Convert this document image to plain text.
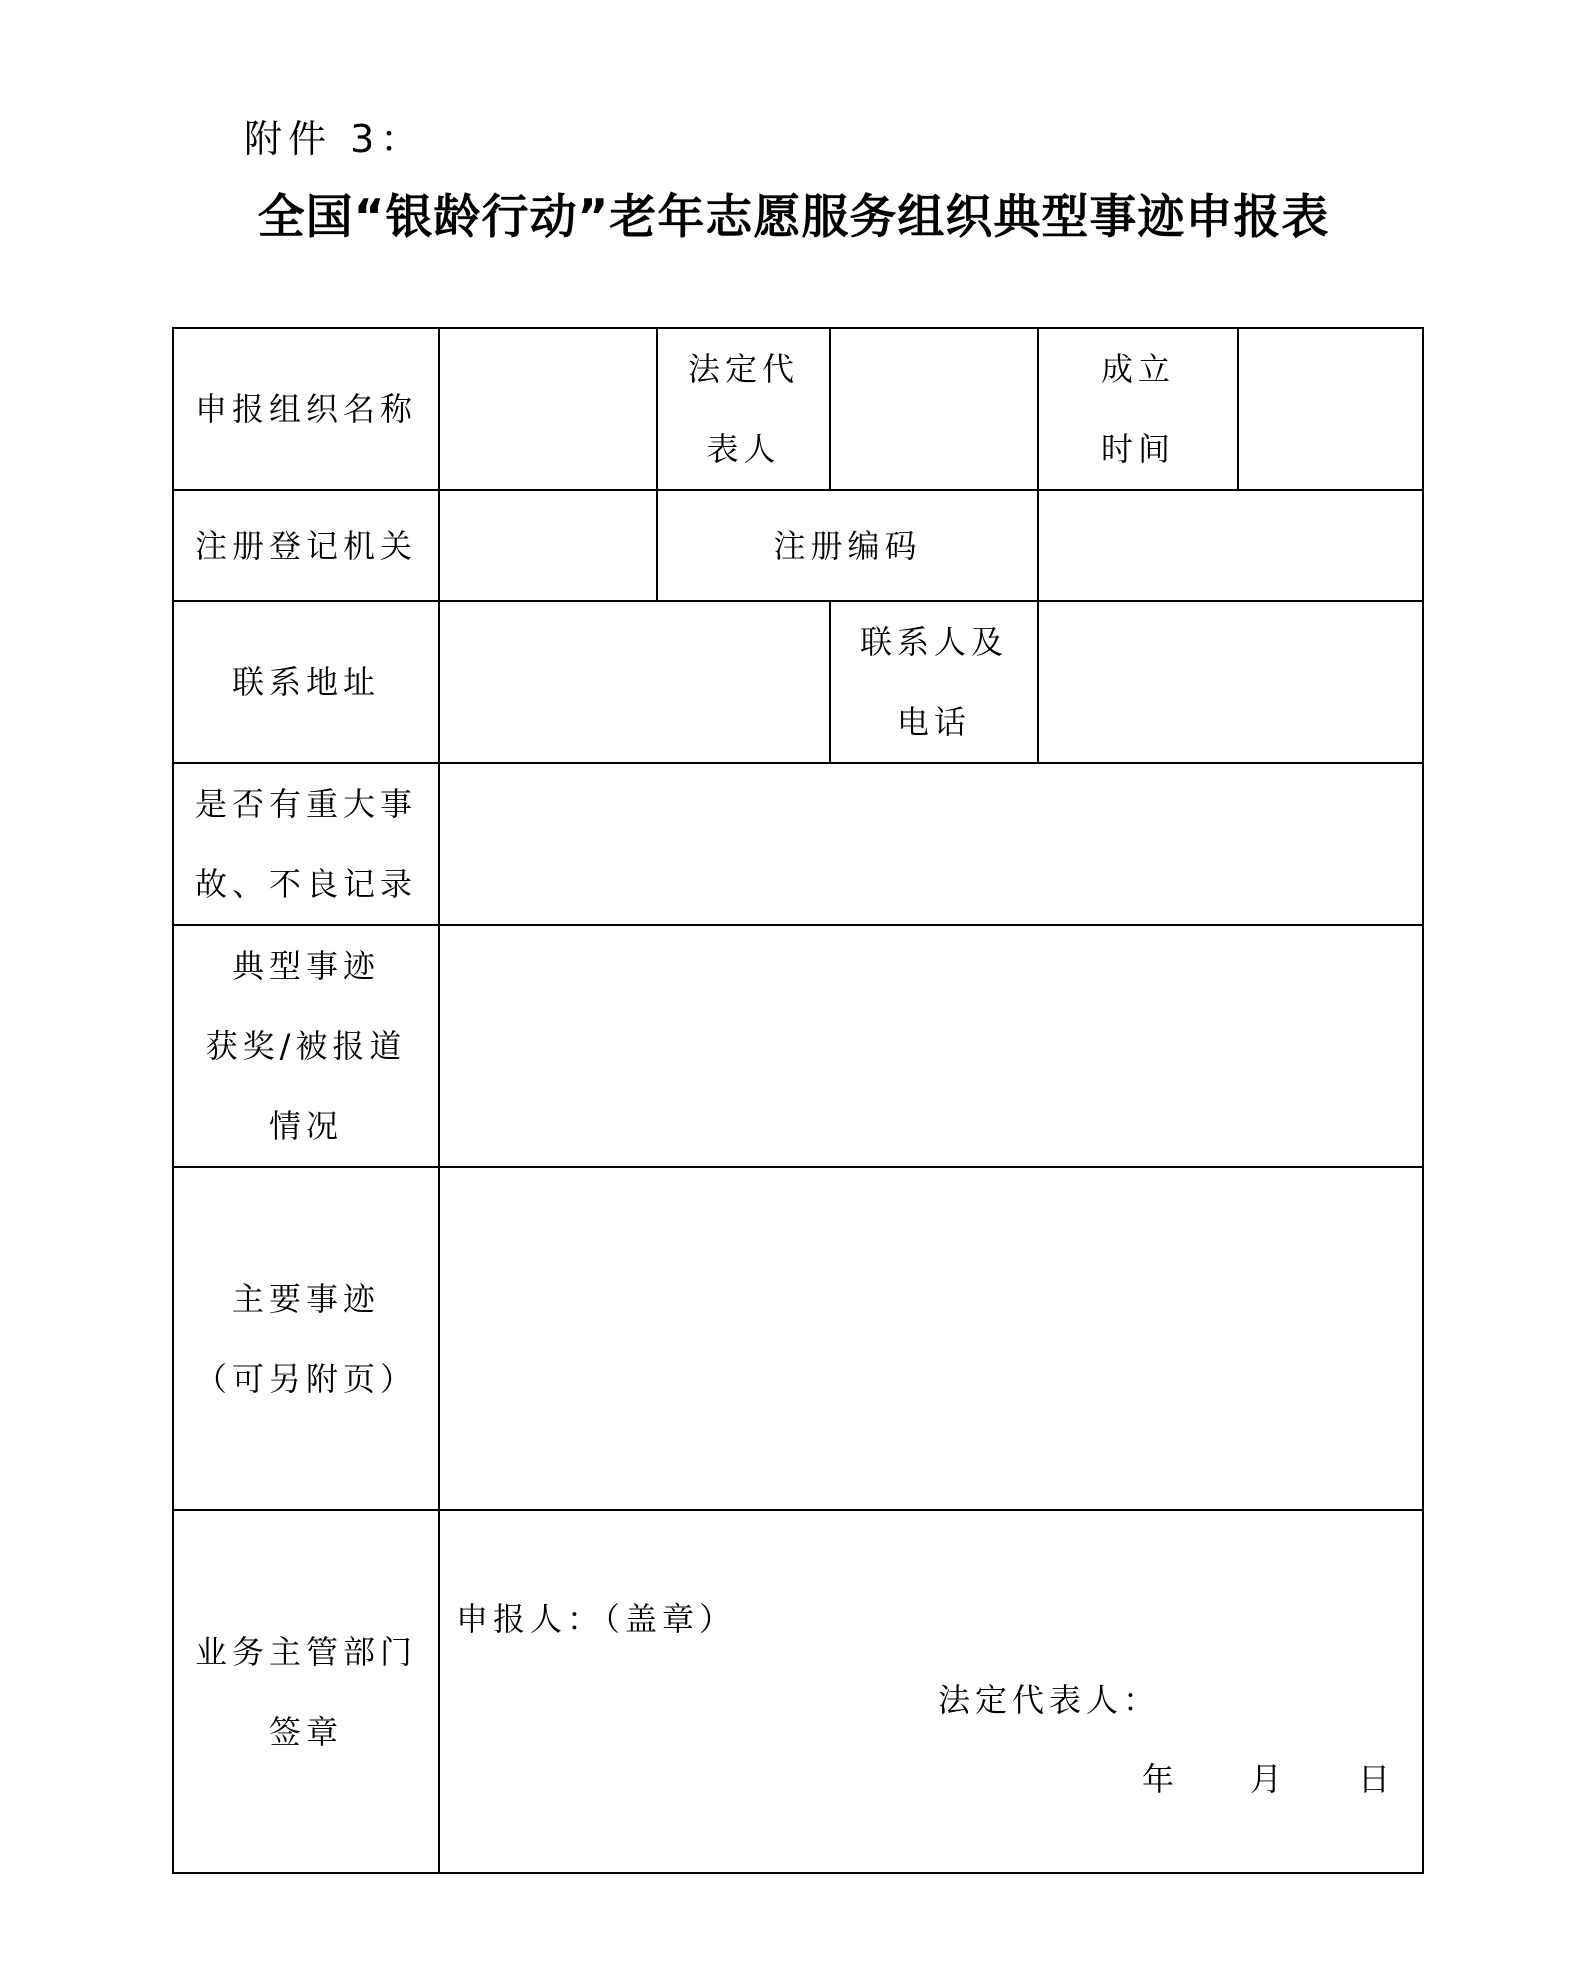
附件 3：
全国“银龄行动”老年志愿服务组织典型事迹申报表
申报组织名称
法定代
表人
成立
时间
注册登记机关	注册编码
联系地址
联系人及
电话
是否有重大事
故、不良记录
典型事迹
获奖/被报道
情况
主要事迹
（可另附页）
业务主管部门
签章
申报人：（盖章）
法定代表人：
年　　月　　日
